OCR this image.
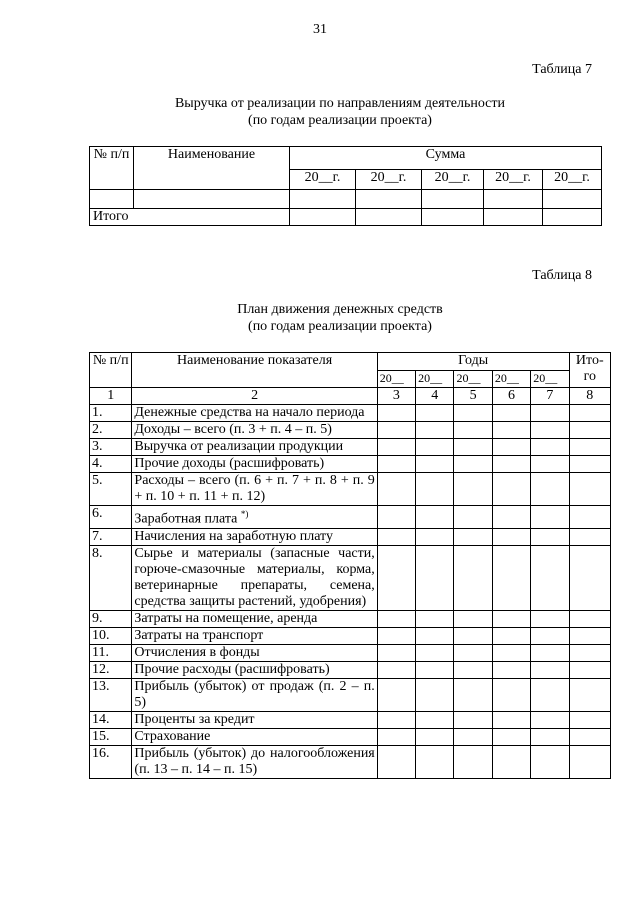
31
Таблица 7
Выручка от реализации по направлениям деятельности
(по годам реализации проекта)
№ п/п	Наименование	Сумма				
		20__г.	20__г.	20__г.	20__г.	20__г.

Итого						
Таблица 8
План движения денежных средств
(по годам реализации проекта)
№ п/п	Наименование показателя	Годы					Ито-го
		20__	20__	20__	20__	20__	
1	2	3	4	5	6	7	8
1.	Денежные средства на начало периода						
2.	Доходы – всего (п. 3 + п. 4 – п. 5)						
3.	Выручка от реализации продукции						
4.	Прочие доходы (расшифровать)						
5.	Расходы – всего (п. 6 + п. 7 + п. 8 + п. 9 + п. 10 + п. 11 + п. 12)						
6.	Заработная плата *)						
7.	Начисления на заработную плату						
8.	Сырье и материалы (запасные части, горюче-смазочные материалы, корма, ветеринарные препараты, семена, средства защиты растений, удобрения)						
9.	Затраты на помещение, аренда						
10.	Затраты на транспорт						
11.	Отчисления в фонды						
12.	Прочие расходы (расшифровать)						
13.	Прибыль (убыток) от продаж (п. 2 – п. 5)						
14.	Проценты за кредит						
15.	Страхование						
16.	Прибыль (убыток) до налогообложения (п. 13 – п. 14 – п. 15)						
